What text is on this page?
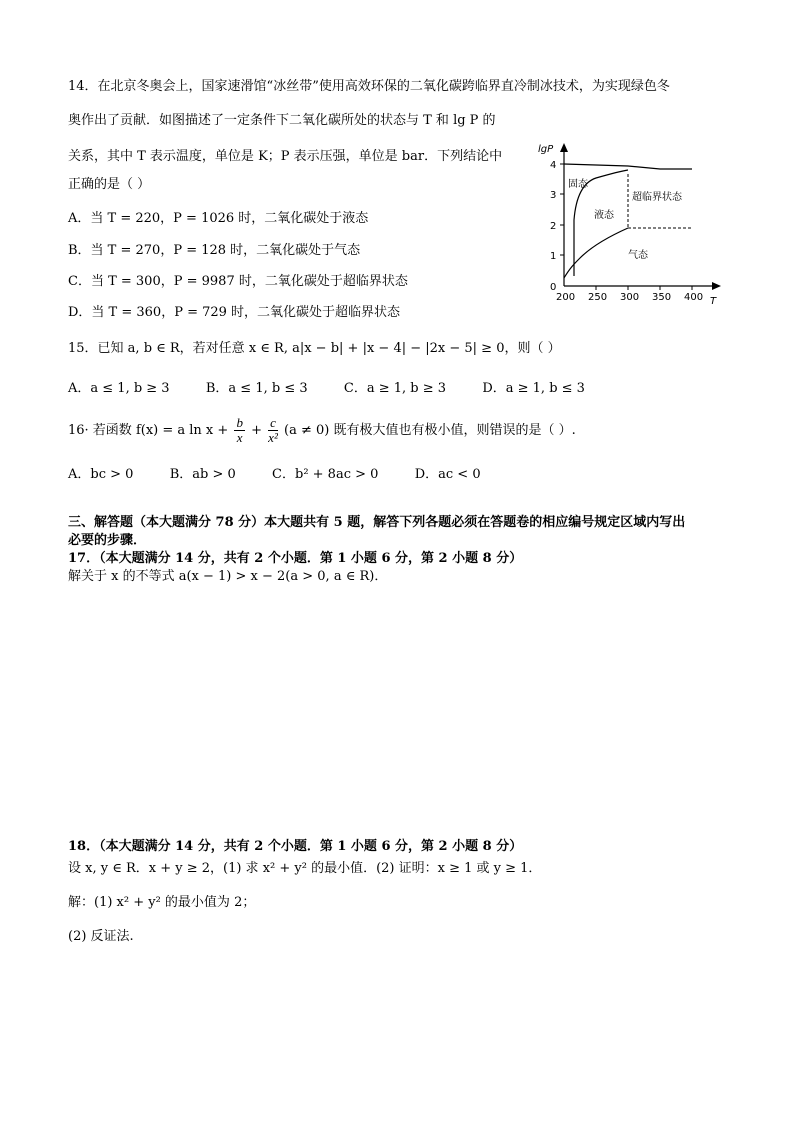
14．在北京冬奥会上，国家速滑馆“冰丝带”使用高效环保的二氧化碳跨临界直冷制冰技术，为实现绿色冬
奥作出了贡献．如图描述了一定条件下二氧化碳所处的状态与 T 和 lg P 的
关系，其中 T 表示温度，单位是 K；P 表示压强，单位是 bar．下列结论中
正确的是（ ）
A．当 T = 220，P = 1026 时，二氧化碳处于液态
B．当 T = 270，P = 128 时，二氧化碳处于气态
C．当 T = 300，P = 9987 时，二氧化碳处于超临界状态
D．当 T = 360，P = 729 时，二氧化碳处于超临界状态
lgP
T
0
1
2
3
4
200 250 300 350 400
固态
液态
超临界状态
气态
15．已知 a, b ∈ R，若对任意 x ∈ R, a|x − b| + |x − 4| − |2x − 5| ≥ 0，则（ ）
A．a ≤ 1, b ≥ 3	B．a ≤ 1, b ≤ 3	C．a ≥ 1, b ≥ 3	D．a ≥ 1, b ≤ 3
16· 若函数 f(x) = a $\ln x + \frac{b}{x} + \frac{c}{\text{x²}} (a \ne 0)$ 既有极大值也有极小值，则错误的是（ ）.
A．bc > 0	B．ab > 0	C．b² + 8ac > 0	D．ac < 0
三、解答题（本大题满分 78 分）本大题共有 5 题，解答下列各题必须在答题卷的相应编号规定区域内写出
必要的步骤．
17．（本大题满分 14 分，共有 2 个小题．第 1 小题 6 分，第 2 小题 8 分）
解关于 x 的不等式 a(x − 1) > x − 2(a > 0, a ∈ R)．
18．（本大题满分 14 分，共有 2 个小题．第 1 小题 6 分，第 2 小题 8 分）
设 x, y ∈ R．x + y ≥ 2，(1) 求 x² + y² 的最小值．(2) 证明：x ≥ 1 或 y ≥ 1．
解：(1) x² + y² 的最小值为 2；
(2) 反证法.
